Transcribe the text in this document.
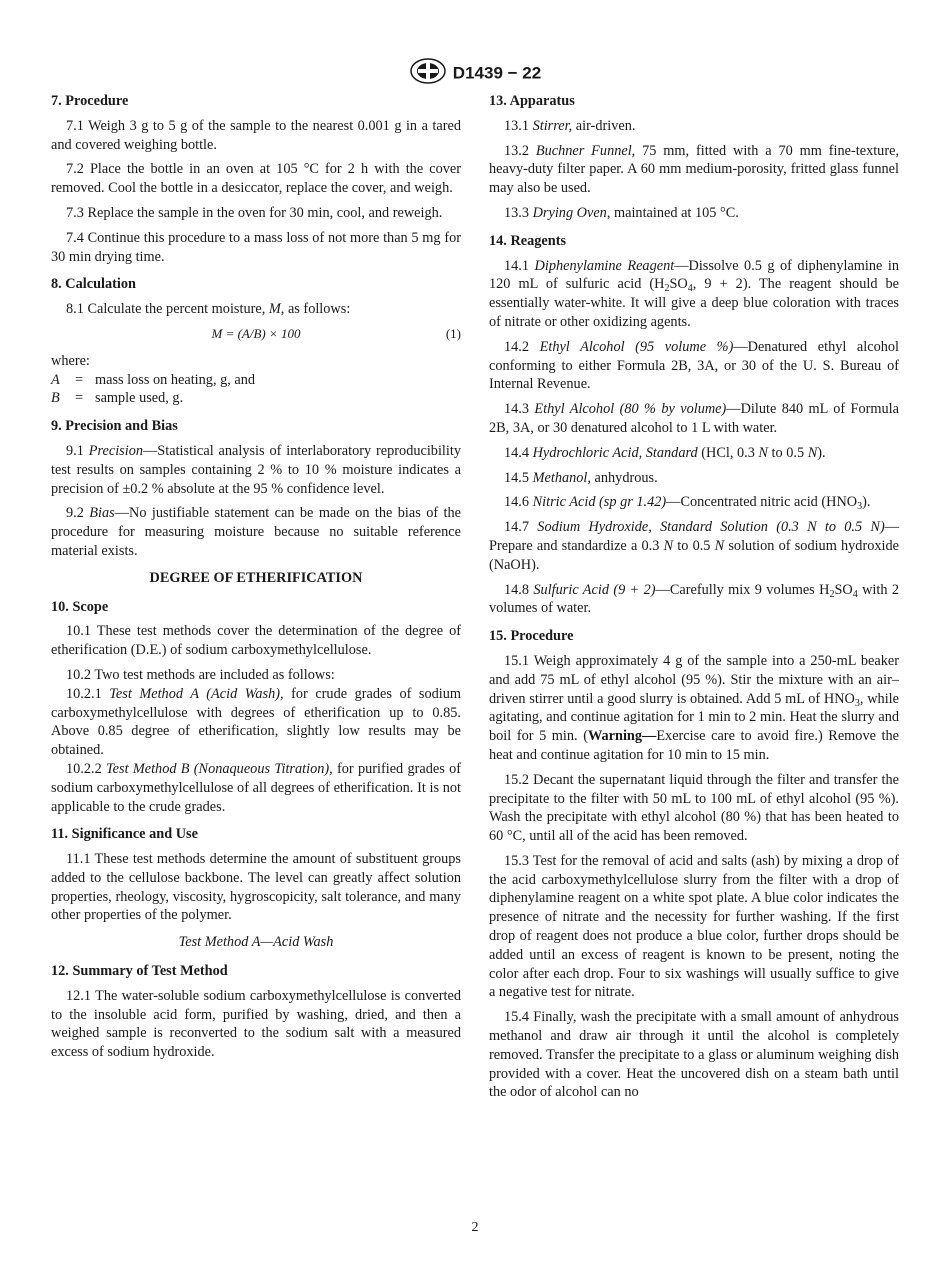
D1439 − 22
7. Procedure

7.1 Weigh 3 g to 5 g of the sample to the nearest 0.001 g in a tared and covered weighing bottle.

7.2 Place the bottle in an oven at 105 °C for 2 h with the cover removed. Cool the bottle in a desiccator, replace the cover, and weigh.

7.3 Replace the sample in the oven for 30 min, cool, and reweigh.

7.4 Continue this procedure to a mass loss of not more than 5 mg for 30 min drying time.

8. Calculation

8.1 Calculate the percent moisture, M, as follows:

M = (A/B) × 100	(1)

where:

A	= mass loss on heating, g, and
B	= sample used, g.
9. Precision and Bias

9.1 Precision—Statistical analysis of interlaboratory reproducibility test results on samples containing 2 % to 10 % moisture indicates a precision of ±0.2 % absolute at the 95 % confidence level.

9.2 Bias—No justifiable statement can be made on the bias of the procedure for measuring moisture because no suitable reference material exists.

DEGREE OF ETHERIFICATION
10. Scope

10.1 These test methods cover the determination of the degree of etherification (D.E.) of sodium carboxymethylcellulose.

10.2 Two test methods are included as follows:

10.2.1 Test Method A (Acid Wash), for crude grades of sodium carboxymethylcellulose with degrees of etherification up to 0.85. Above 0.85 degree of etherification, slightly low results may be obtained.

10.2.2 Test Method B (Nonaqueous Titration), for purified grades of sodium carboxymethylcellulose of all degrees of etherification. It is not applicable to the crude grades.

11. Significance and Use

11.1 These test methods determine the amount of substituent groups added to the cellulose backbone. The level can greatly affect solution properties, rheology, viscosity, hygroscopicity, salt tolerance, and many other properties of the polymer.

Test Method A—Acid Wash
12. Summary of Test Method

12.1 The water-soluble sodium carboxymethylcellulose is converted to the insoluble acid form, purified by washing, dried, and then a weighed sample is reconverted to the sodium salt with a measured excess of sodium hydroxide.

13. Apparatus

13.1 Stirrer, air-driven.

13.2 Buchner Funnel, 75 mm, fitted with a 70 mm fine-texture, heavy-duty filter paper. A 60 mm medium-porosity, fritted glass funnel may also be used.

13.3 Drying Oven, maintained at 105 °C.

14. Reagents

14.1 Diphenylamine Reagent—Dissolve 0.5 g of diphenylamine in 120 mL of sulfuric acid ($H_2SO_4$, 9 + 2). The reagent should be essentially water-white. It will give a deep blue coloration with traces of nitrate or other oxidizing agents.

14.2 Ethyl Alcohol (95 volume %)—Denatured ethyl alcohol conforming to either Formula 2B, 3A, or 30 of the U. S. Bureau of Internal Revenue.

14.3 Ethyl Alcohol (80 % by volume)—Dilute 840 mL of Formula 2B, 3A, or 30 denatured alcohol to 1 L with water.

14.4 Hydrochloric Acid, Standard (HCl, 0.3 N to 0.5 N).

14.5 Methanol, anhydrous.

14.6 Nitric Acid (sp gr 1.42)—Concentrated nitric acid $(HNO_3)$.

14.7 Sodium Hydroxide, Standard Solution (0.3 N to 0.5 N)—Prepare and standardize a 0.3 N to 0.5 N solution of sodium hydroxide (NaOH).

14.8 Sulfuric Acid (9 + 2)—Carefully mix 9 volumes $H_2SO_4$ with 2 volumes of water.

15. Procedure

15.1 Weigh approximately 4 g of the sample into a 250-mL beaker and add 75 mL of ethyl alcohol (95 %). Stir the mixture with an air–driven stirrer until a good slurry is obtained. Add 5 mL of $HNO_3$, while agitating, and continue agitation for 1 min to 2 min. Heat the slurry and boil for 5 min. (Warning—Exercise care to avoid fire.) Remove the heat and continue agitation for 10 min to 15 min.

15.2 Decant the supernatant liquid through the filter and transfer the precipitate to the filter with 50 mL to 100 mL of ethyl alcohol (95 %). Wash the precipitate with ethyl alcohol (80 %) that has been heated to 60 °C, until all of the acid has been removed.

15.3 Test for the removal of acid and salts (ash) by mixing a drop of the acid carboxymethylcellulose slurry from the filter with a drop of diphenylamine reagent on a white spot plate. A blue color indicates the presence of nitrate and the necessity for further washing. If the first drop of reagent does not produce a blue color, further drops should be added until an excess of reagent is known to be present, noting the color after each drop. Four to six washings will usually suffice to give a negative test for nitrate.

15.4 Finally, wash the precipitate with a small amount of anhydrous methanol and draw air through it until the alcohol is completely removed. Transfer the precipitate to a glass or aluminum weighing dish provided with a cover. Heat the uncovered dish on a steam bath until the odor of alcohol can no

2
